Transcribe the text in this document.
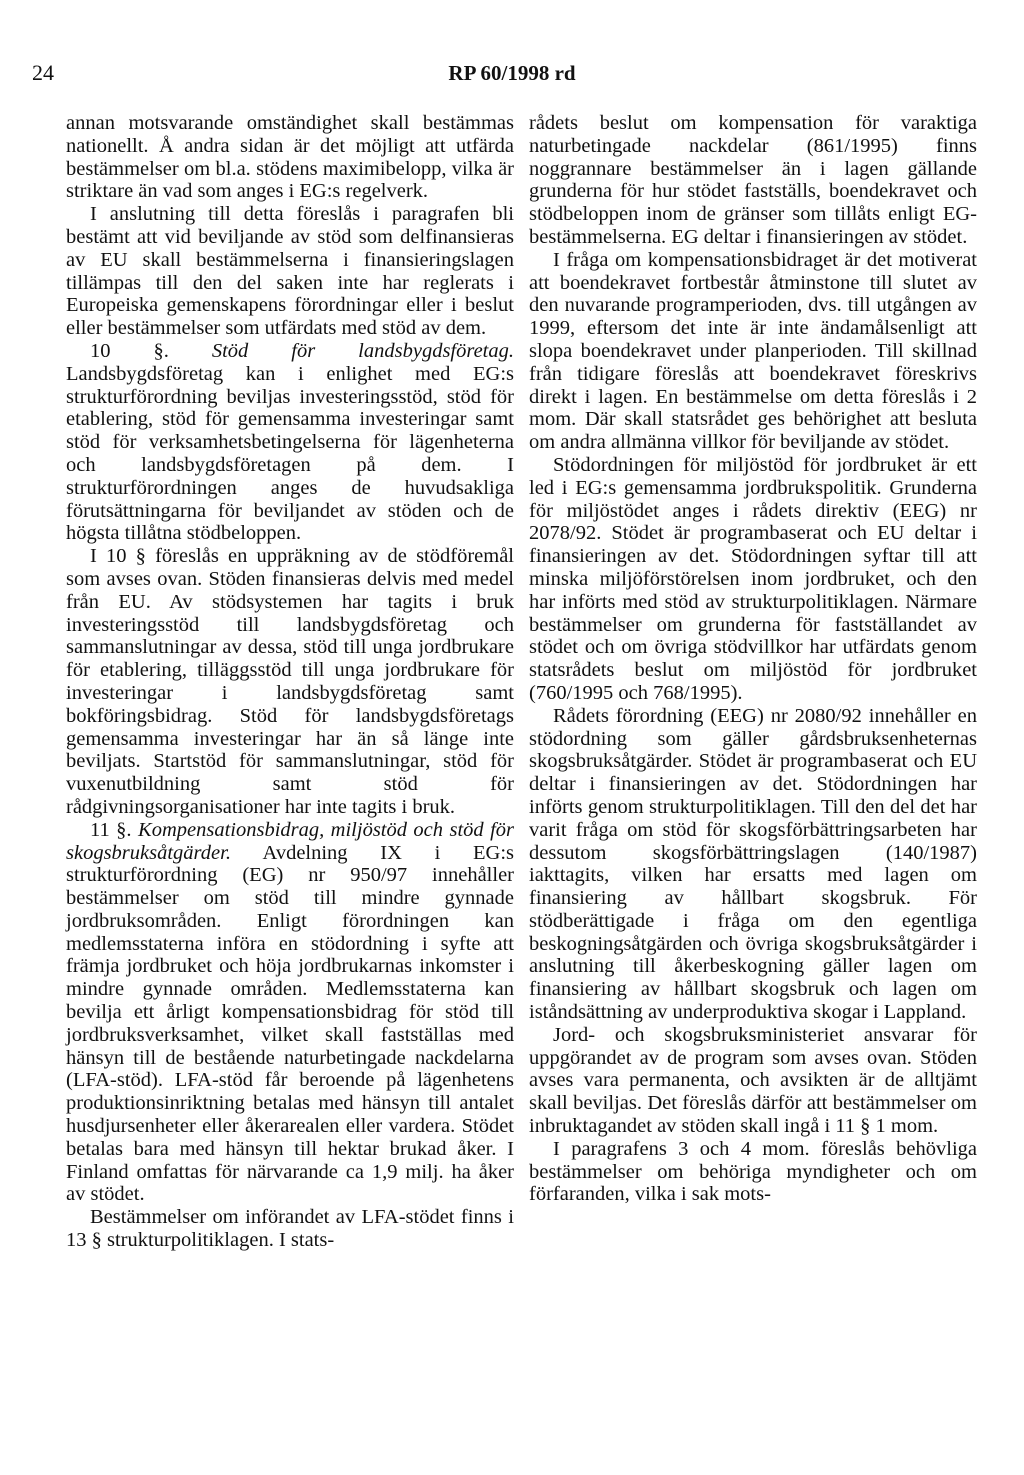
24	RP 60/1998 rd

annan motsvarande omständighet skall bestämmas nationellt. Å andra sidan är det möjligt att utfärda bestämmelser om bl.a. stödens maximibelopp, vilka är striktare än vad som anges i EG:s regelverk.

I anslutning till detta föreslås i paragrafen bli bestämt att vid beviljande av stöd som delfinansieras av EU skall bestämmelserna i finansieringslagen tillämpas till den del saken inte har reglerats i Europeiska gemenskapens förordningar eller i beslut eller bestämmelser som utfärdats med stöd av dem.

10 §. Stöd för landsbygdsföretag. Landsbygdsföretag kan i enlighet med EG:s strukturförordning beviljas investeringsstöd, stöd för etablering, stöd för gemensamma investeringar samt stöd för verksamhetsbetingelserna för lägenheterna och landsbygdsföretagen på dem. I strukturförordningen anges de huvudsakliga förutsättningarna för beviljandet av stöden och de högsta tillåtna stödbeloppen.

I 10 § föreslås en uppräkning av de stödföremål som avses ovan. Stöden finansieras delvis med medel från EU. Av stödsystemen har tagits i bruk investeringsstöd till landsbygdsföretag och sammanslutningar av dessa, stöd till unga jordbrukare för etablering, tilläggsstöd till unga jordbrukare för investeringar i landsbygdsföretag samt bokföringsbidrag. Stöd för landsbygdsföretags gemensamma investeringar har än så länge inte beviljats. Startstöd för sammanslutningar, stöd för vuxenutbildning samt stöd för rådgivningsorganisationer har inte tagits i bruk.

11 §. Kompensationsbidrag, miljöstöd och stöd för skogsbruksåtgärder. Avdelning IX i EG:s strukturförordning (EG) nr 950/97 innehåller bestämmelser om stöd till mindre gynnade jordbruksområden. Enligt förordningen kan medlemsstaterna införa en stödordning i syfte att främja jordbruket och höja jordbrukarnas inkomster i mindre gynnade områden. Medlemsstaterna kan bevilja ett årligt kompensationsbidrag för stöd till jordbruksverksamhet, vilket skall fastställas med hänsyn till de bestående naturbetingade nackdelarna (LFA-stöd). LFA-stöd får beroende på lägenhetens produktionsinriktning betalas med hänsyn till antalet husdjursenheter eller åkerarealen eller vardera. Stödet betalas bara med hänsyn till hektar brukad åker. I Finland omfattas för närvarande ca 1,9 milj. ha åker av stödet.

Bestämmelser om införandet av LFA-stödet finns i 13 § strukturpolitiklagen. I stats-

rådets beslut om kompensation för varaktiga naturbetingade nackdelar (861/1995) finns noggrannare bestämmelser än i lagen gällande grunderna för hur stödet fastställs, boendekravet och stödbeloppen inom de gränser som tillåts enligt EG-bestämmelserna. EG deltar i finansieringen av stödet.

I fråga om kompensationsbidraget är det motiverat att boendekravet fortbestår åtminstone till slutet av den nuvarande programperioden, dvs. till utgången av 1999, eftersom det inte är inte ändamålsenligt att slopa boendekravet under planperioden. Till skillnad från tidigare föreslås att boendekravet föreskrivs direkt i lagen. En bestämmelse om detta föreslås i 2 mom. Där skall statsrådet ges behörighet att besluta om andra allmänna villkor för beviljande av stödet.

Stödordningen för miljöstöd för jordbruket är ett led i EG:s gemensamma jordbrukspolitik. Grunderna för miljöstödet anges i rådets direktiv (EEG) nr 2078/92. Stödet är programbaserat och EU deltar i finansieringen av det. Stödordningen syftar till att minska miljöförstörelsen inom jordbruket, och den har införts med stöd av strukturpolitiklagen. Närmare bestämmelser om grunderna för fastställandet av stödet och om övriga stödvillkor har utfärdats genom statsrådets beslut om miljöstöd för jordbruket (760/1995 och 768/1995).

Rådets förordning (EEG) nr 2080/92 innehåller en stödordning som gäller gårdsbruksenheternas skogsbruksåtgärder. Stödet är programbaserat och EU deltar i finansieringen av det. Stödordningen har införts genom strukturpolitiklagen. Till den del det har varit fråga om stöd för skogsförbättringsarbeten har dessutom skogsförbättringslagen (140/1987) iakttagits, vilken har ersatts med lagen om finansiering av hållbart skogsbruk. För stödberättigade i fråga om den egentliga beskogningsåtgärden och övriga skogsbruksåtgärder i anslutning till åkerbeskogning gäller lagen om finansiering av hållbart skogsbruk och lagen om iståndsättning av underproduktiva skogar i Lappland.

Jord- och skogsbruksministeriet ansvarar för uppgörandet av de program som avses ovan. Stöden avses vara permanenta, och avsikten är de alltjämt skall beviljas. Det föreslås därför att bestämmelser om inbruktagandet av stöden skall ingå i 11 § 1 mom.

I paragrafens 3 och 4 mom. föreslås behövliga bestämmelser om behöriga myndigheter och om förfaranden, vilka i sak mots-
